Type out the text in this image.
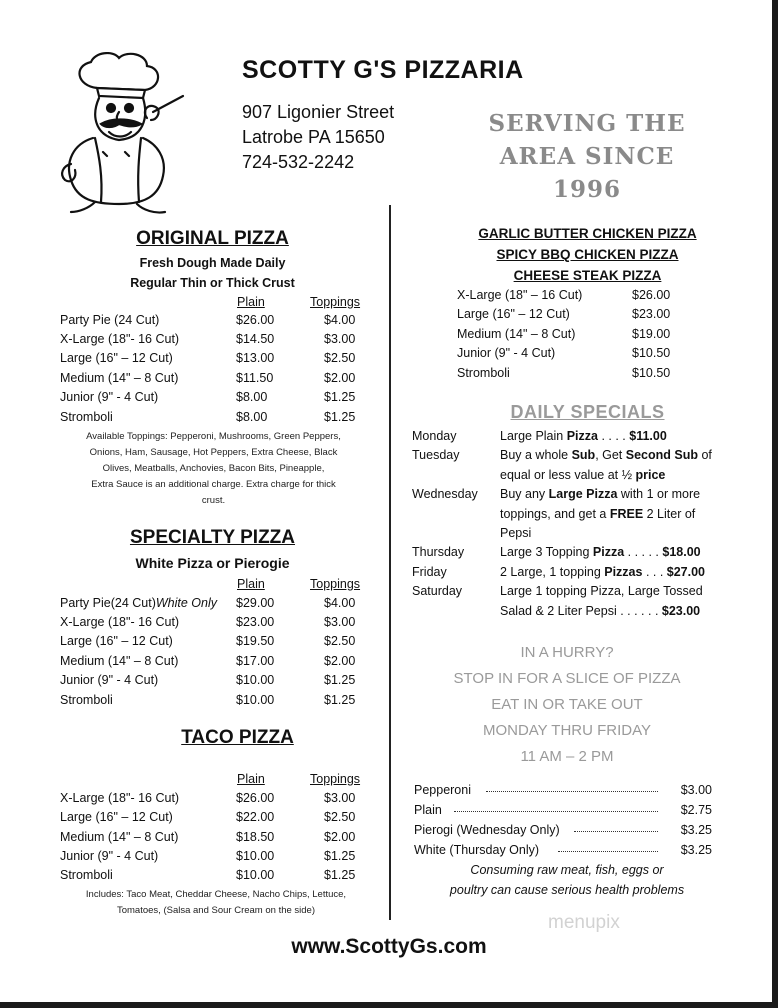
SCOTTY G'S PIZZARIA
907 Ligonier Street
Latrobe PA 15650
724-532-2242
SERVING THE
AREA SINCE 1996
ORIGINAL PIZZA
Fresh Dough Made Daily
Regular Thin or Thick Crust
Plain	Toppings
Party Pie (24 Cut)	$26.00	$4.00
X-Large (18"- 16 Cut)	$14.50	$3.00
Large (16" – 12 Cut)	$13.00	$2.50
Medium (14" – 8 Cut)	$11.50	$2.00
Junior (9" - 4 Cut)	$8.00	$1.25
Stromboli	$8.00	$1.25
Available Toppings: Pepperoni, Mushrooms, Green Peppers,
Onions, Ham, Sausage, Hot Peppers, Extra Cheese, Black
Olives, Meatballs, Anchovies, Bacon Bits, Pineapple,
Extra Sauce is an additional charge. Extra charge for thick
crust.
SPECIALTY PIZZA
White Pizza or Pierogie
Plain	Toppings
Party Pie(24 Cut)White Only $29.00	$4.00
X-Large (18"- 16 Cut)	$23.00	$3.00
Large (16" – 12 Cut)	$19.50	$2.50
Medium (14" – 8 Cut)	$17.00	$2.00
Junior (9" - 4 Cut)	$10.00	$1.25
Stromboli	$10.00	$1.25
TACO PIZZA
Plain	Toppings
X-Large (18"- 16 Cut)	$26.00	$3.00
Large (16" – 12 Cut)	$22.00	$2.50
Medium (14" – 8 Cut)	$18.50	$2.00
Junior (9" - 4 Cut)	$10.00	$1.25
Stromboli	$10.00	$1.25
Includes: Taco Meat, Cheddar Cheese, Nacho Chips, Lettuce,
Tomatoes, (Salsa and Sour Cream on the side)
GARLIC BUTTER CHICKEN PIZZA
SPICY BBQ CHICKEN PIZZA
CHEESE STEAK PIZZA
X-Large (18" – 16 Cut)	$26.00
Large (16" – 12 Cut)	$23.00
Medium (14" – 8 Cut)	$19.00
Junior (9" - 4 Cut)	$10.50
Stromboli	$10.50
DAILY SPECIALS
Monday	Large Plain Pizza . . . . $11.00
Tuesday	Buy a whole Sub, Get Second Sub of equal or less value at ½ price
Wednesday Buy any Large Pizza with 1 or more toppings, and get a FREE 2 Liter of Pepsi
Thursday	Large 3 Topping Pizza . . . . . $18.00
Friday	2 Large, 1 topping Pizzas . . . $27.00
Saturday	Large 1 topping Pizza, Large Tossed
Salad & 2 Liter Pepsi . . . . . . $23.00
IN A HURRY?
STOP IN FOR A SLICE OF PIZZA
EAT IN OR TAKE OUT
MONDAY THRU FRIDAY
11 AM – 2 PM
Pepperoni	$3.00
Plain	$2.75
Pierogi (Wednesday Only)	$3.25
White (Thursday Only)	$3.25
Consuming raw meat, fish, eggs or
poultry can cause serious health problems
menupix
www.ScottyGs.com
